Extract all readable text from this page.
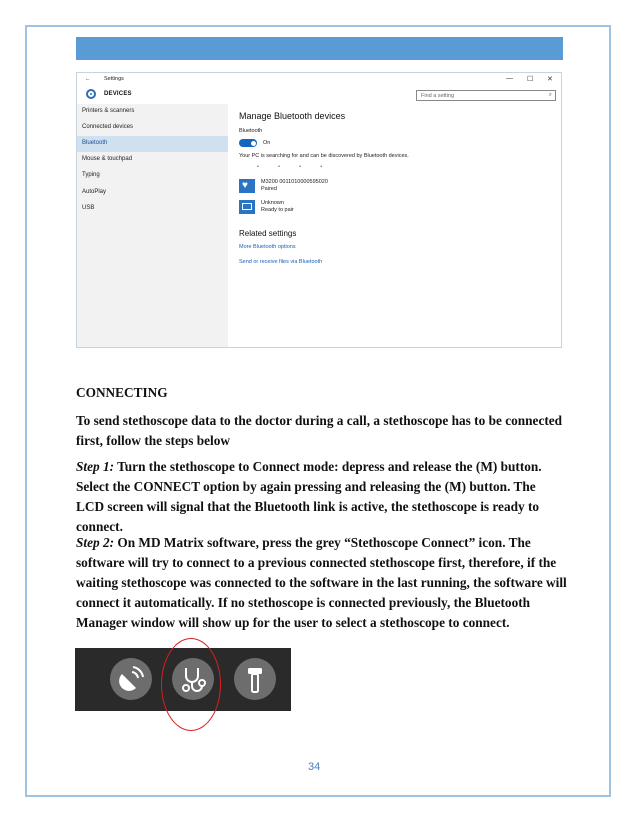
← Settings	— ☐ ✕
DEVICES	Find a setting	⌕
Printers & scanners
Connected devices
Bluetooth
Mouse & touchpad
Typing
AutoPlay
USB
Manage Bluetooth devices
Bluetooth
On
Your PC is searching for and can be discovered by Bluetooth devices.
• • • •
♥
M3200 0011010000595020
Paired
Unknown
Ready to pair
Related settings
More Bluetooth options
Send or receive files via Bluetooth
CONNECTING
To send stethoscope data to the doctor during a call, a stethoscope has to be connected first, follow the steps below
Step 1: Turn the stethoscope to Connect mode: depress and release the (M) button. Select the CONNECT option by again pressing and releasing the (M) button. The LCD screen will signal that the Bluetooth link is active, the stethoscope is ready to connect.
Step 2: On MD Matrix software, press the grey “Stethoscope Connect” icon. The software will try to connect to a previous connected stethoscope first, therefore, if the waiting stethoscope was connected to the software in the last running, the software will connect it automatically. If no stethoscope is connected previously, the Bluetooth Manager window will show up for the user to select a stethoscope to connect.
34
